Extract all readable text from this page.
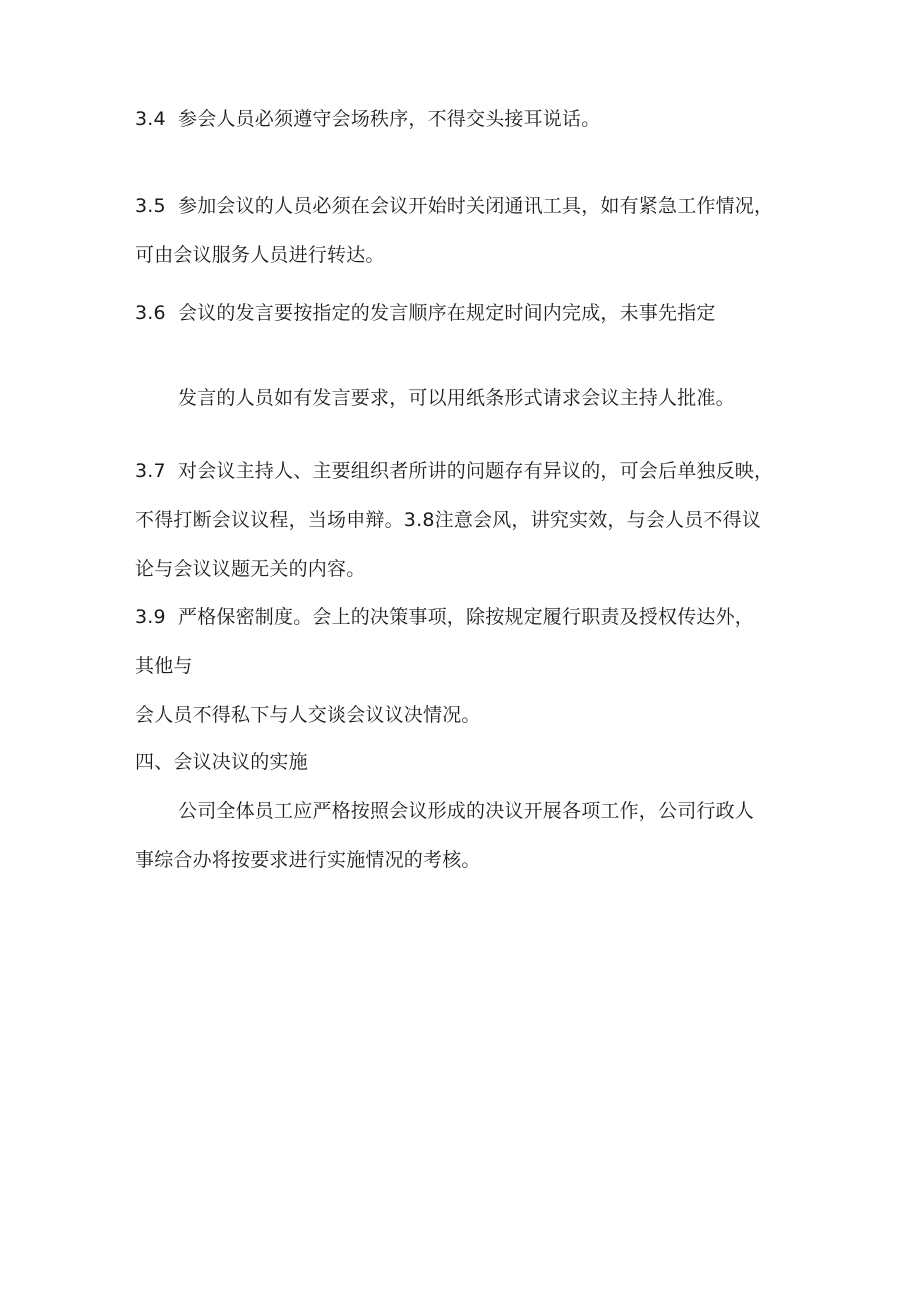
3.4 参会人员必须遵守会场秩序，不得交头接耳说话。
3.5 参加会议的人员必须在会议开始时关闭通讯工具，如有紧急工作情况，
可由会议服务人员进行转达。
3.6 会议的发言要按指定的发言顺序在规定时间内完成，未事先指定
发言的人员如有发言要求，可以用纸条形式请求会议主持人批准。
3.7 对会议主持人、主要组织者所讲的问题存有异议的，可会后单独反映，
不得打断会议议程，当场申辩。3.8注意会风，讲究实效，与会人员不得议
论与会议议题无关的内容。
3.9 严格保密制度。会上的决策事项，除按规定履行职责及授权传达外，
其他与
会人员不得私下与人交谈会议议决情况。
四、会议决议的实施
公司全体员工应严格按照会议形成的决议开展各项工作，公司行政人
事综合办将按要求进行实施情况的考核。
